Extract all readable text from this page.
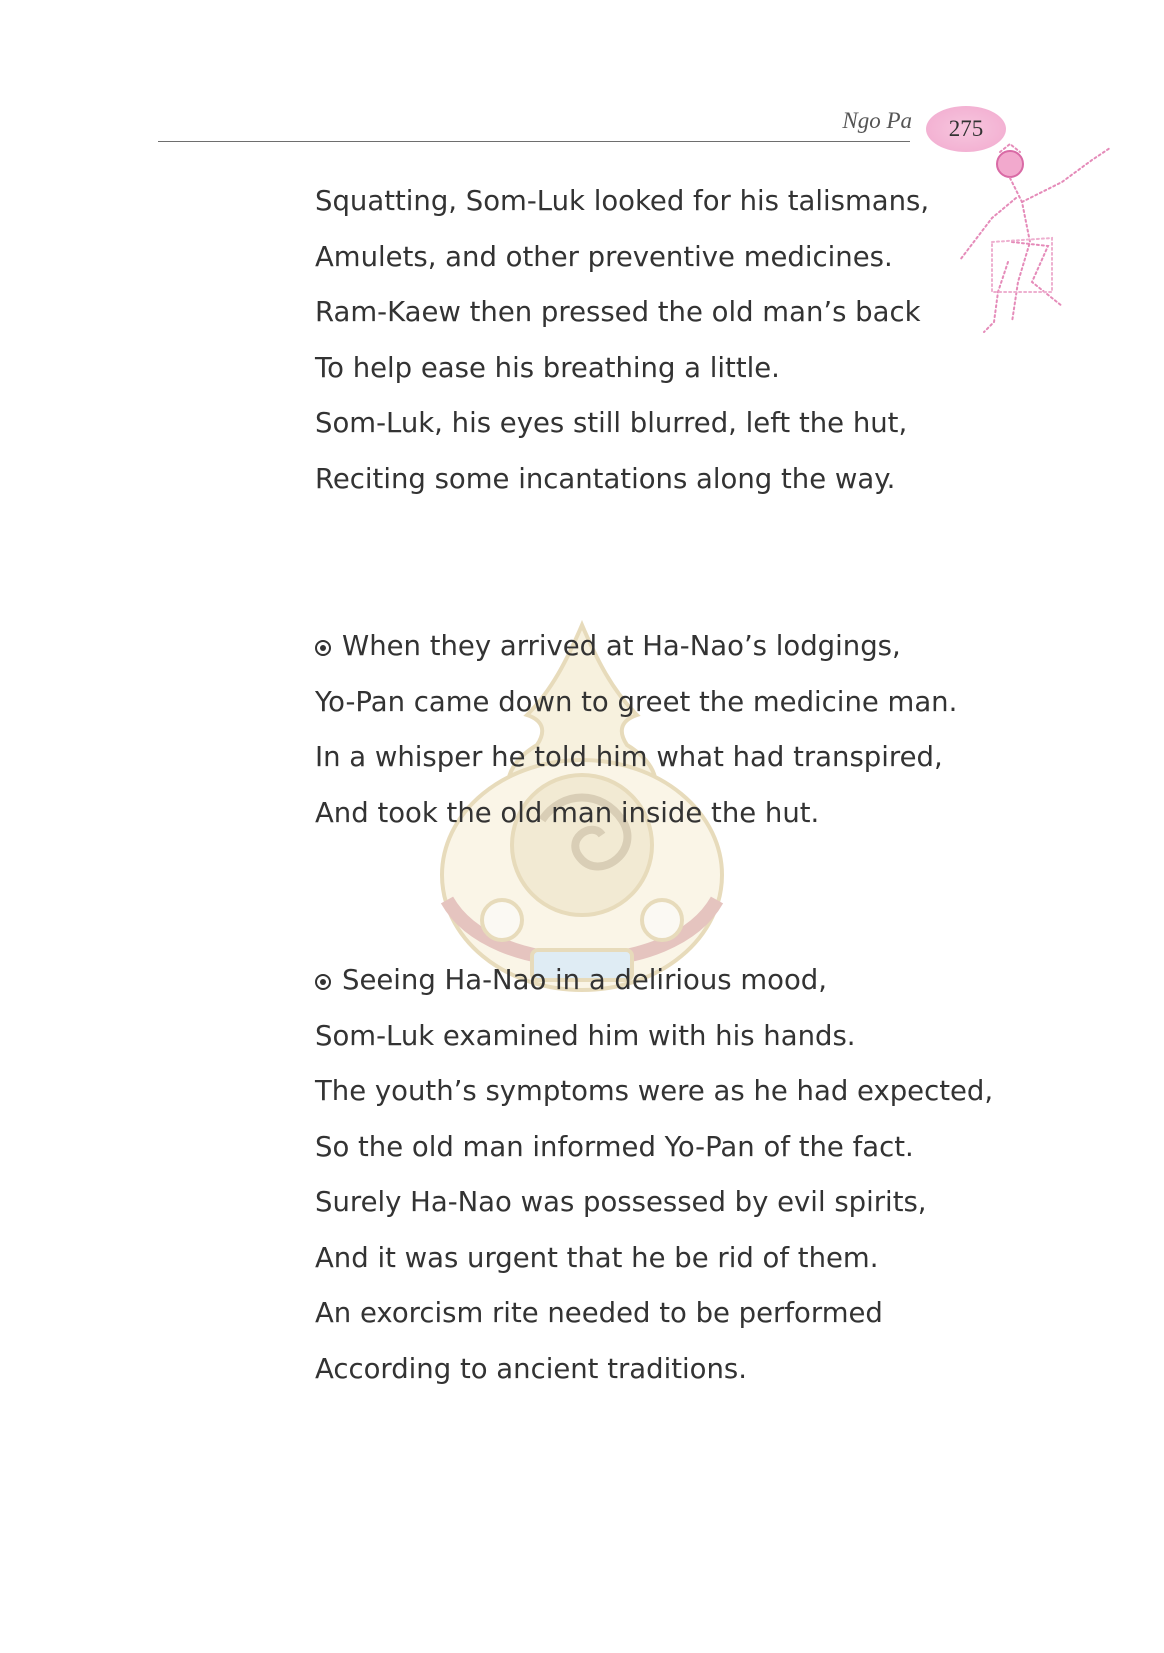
Ngo Pa	275
Squatting, Som-Luk looked for his talismans,
Amulets, and other preventive medicines.
Ram-Kaew then pressed the old man’s back
To help ease his breathing a little.
Som-Luk, his eyes still blurred, left the hut,
Reciting some incantations along the way.
When they arrived at Ha-Nao’s lodgings,
Yo-Pan came down to greet the medicine man.
In a whisper he told him what had transpired,
And took the old man inside the hut.
Seeing Ha-Nao in a delirious mood,
Som-Luk examined him with his hands.
The youth’s symptoms were as he had expected,
So the old man informed Yo-Pan of the fact.
Surely Ha-Nao was possessed by evil spirits,
And it was urgent that he be rid of them.
An exorcism rite needed to be performed
According to ancient traditions.
